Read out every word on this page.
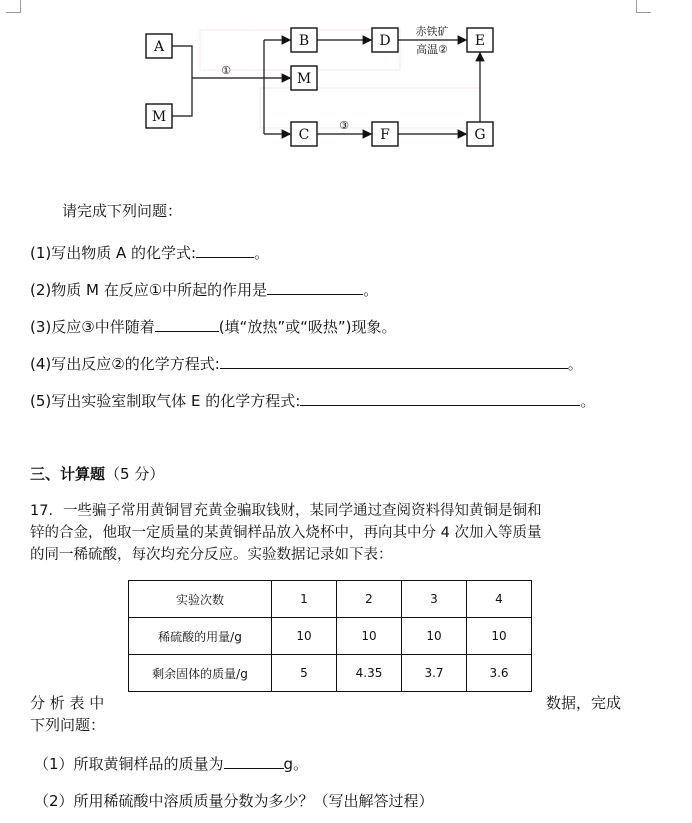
A
M
①
B
M
C
D
赤铁矿
高温②
E
③
F	G
请完成下列问题：
(1)写出物质 A 的化学式:	。
(2)物质 M 在反应①中所起的作用是	。
(3)反应③中伴随着	(填“放热”或“吸热”)现象。
(4)写出反应②的化学方程式:	。
(5)写出实验室制取气体 E 的化学方程式:	。
三、计算题（5 分）
17．一些骗子常用黄铜冒充黄金骗取钱财，某同学通过查阅资料得知黄铜是铜和
锌的合金，他取一定质量的某黄铜样品放入烧杯中，再向其中分 4 次加入等质量
的同一稀硫酸，每次均充分反应。实验数据记录如下表：
实验次数	1	2	3	4
稀硫酸的用量/g	10	10	10	10
剩余固体的质量/g	5	4.35	3.7	3.6
分 析 表 中	数据，完成
下列问题：
（1）所取黄铜样品的质量为	g。
（2）所用稀硫酸中溶质质量分数为多少？（写出解答过程）
